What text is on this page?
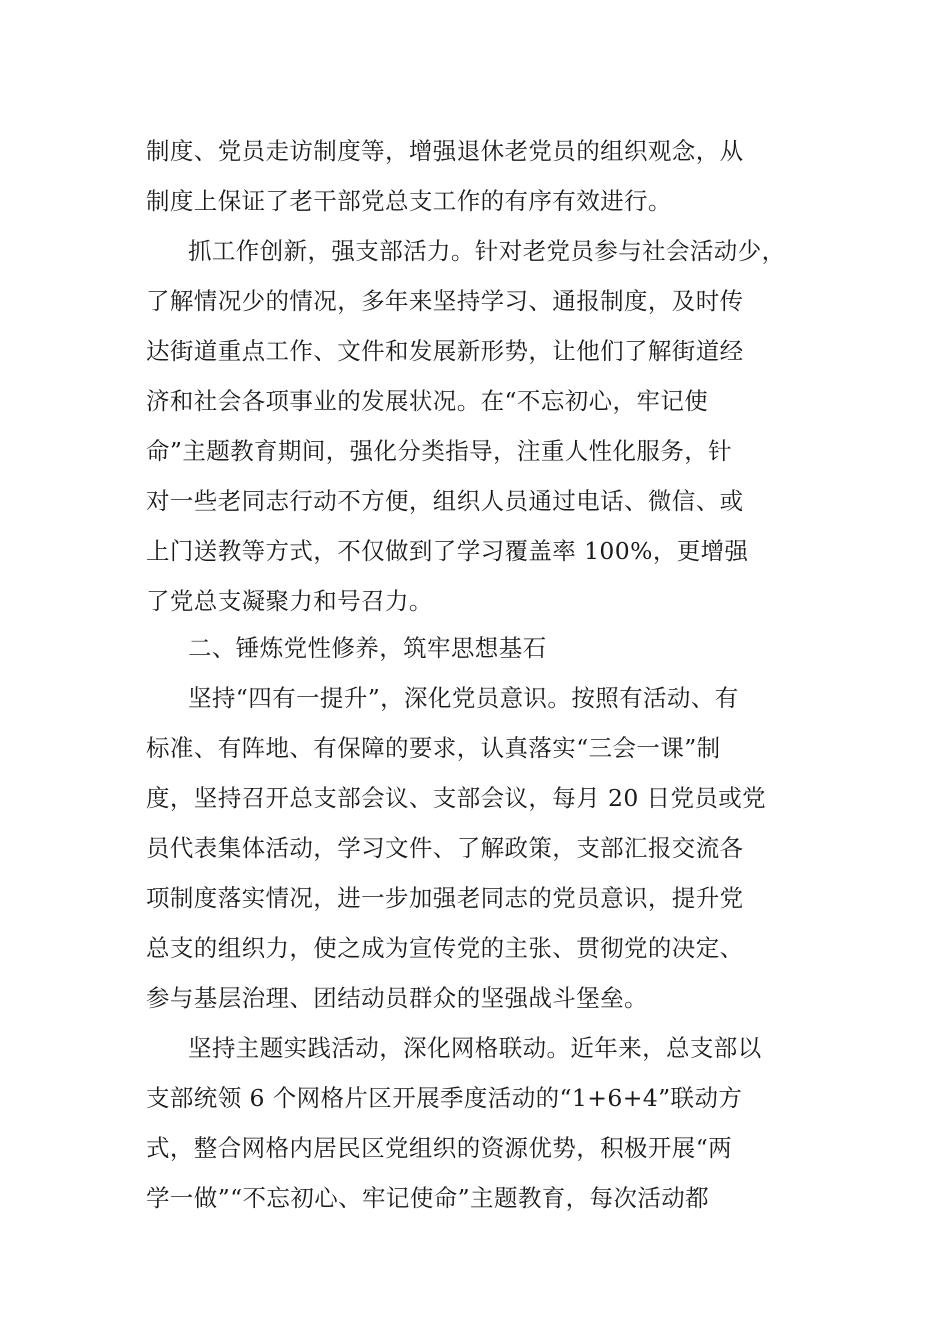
制度、党员走访制度等，增强退休老党员的组织观念，从
制度上保证了老干部党总支工作的有序有效进行。
抓工作创新，强支部活力。针对老党员参与社会活动少，
了解情况少的情况，多年来坚持学习、通报制度，及时传
达街道重点工作、文件和发展新形势，让他们了解街道经
济和社会各项事业的发展状况。在“不忘初心，牢记使
命”主题教育期间，强化分类指导，注重人性化服务，针
对一些老同志行动不方便，组织人员通过电话、微信、或
上门送教等方式，不仅做到了学习覆盖率 100%，更增强
了党总支凝聚力和号召力。
二、锤炼党性修养，筑牢思想基石
坚持“四有一提升”，深化党员意识。按照有活动、有
标准、有阵地、有保障的要求，认真落实“三会一课”制
度，坚持召开总支部会议、支部会议，每月 20 日党员或党
员代表集体活动，学习文件、了解政策，支部汇报交流各
项制度落实情况，进一步加强老同志的党员意识，提升党
总支的组织力，使之成为宣传党的主张、贯彻党的决定、
参与基层治理、团结动员群众的坚强战斗堡垒。
坚持主题实践活动，深化网格联动。近年来，总支部以
支部统领 6 个网格片区开展季度活动的“1+6+4”联动方
式，整合网格内居民区党组织的资源优势，积极开展“两
学一做”“不忘初心、牢记使命”主题教育，每次活动都
